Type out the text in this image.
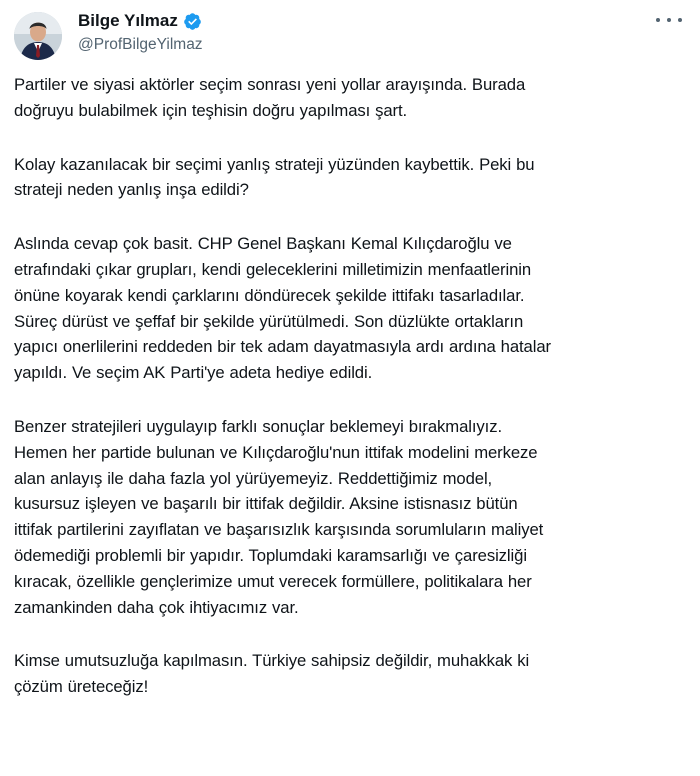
Bilge Yılmaz
@ProfBilgeYilmaz

Partiler ve siyasi aktörler seçim sonrası yeni yollar arayışında. Burada
doğruyu bulabilmek için teşhisin doğru yapılması şart.

Kolay kazanılacak bir seçimi yanlış strateji yüzünden kaybettik. Peki bu
strateji neden yanlış inşa edildi?

Aslında cevap çok basit. CHP Genel Başkanı Kemal Kılıçdaroğlu ve
etrafındaki çıkar grupları, kendi geleceklerini milletimizin menfaatlerinin
önüne koyarak kendi çarklarını döndürecek şekilde ittifakı tasarladılar.
Süreç dürüst ve şeffaf bir şekilde yürütülmedi. Son düzlükte ortakların
yapıcı onerlilerini reddeden bir tek adam dayatmasıyla ardı ardına hatalar
yapıldı. Ve seçim AK Parti'ye adeta hediye edildi.

Benzer stratejileri uygulayıp farklı sonuçlar beklemeyi bırakmalıyız.
Hemen her partide bulunan ve Kılıçdaroğlu'nun ittifak modelini merkeze
alan anlayış ile daha fazla yol yürüyemeyiz. Reddettiğimiz model,
kusursuz işleyen ve başarılı bir ittifak değildir. Aksine istisnasız bütün
ittifak partilerini zayıflatan ve başarısızlık karşısında sorumluların maliyet
ödemediği problemli bir yapıdır. Toplumdaki karamsarlığı ve çaresizliği
kıracak, özellikle gençlerimize umut verecek formüllere, politikalara her
zamankinden daha çok ihtiyacımız var.

Kimse umutsuzluğa kapılmasın. Türkiye sahipsiz değildir, muhakkak ki
çözüm üreteceğiz!
